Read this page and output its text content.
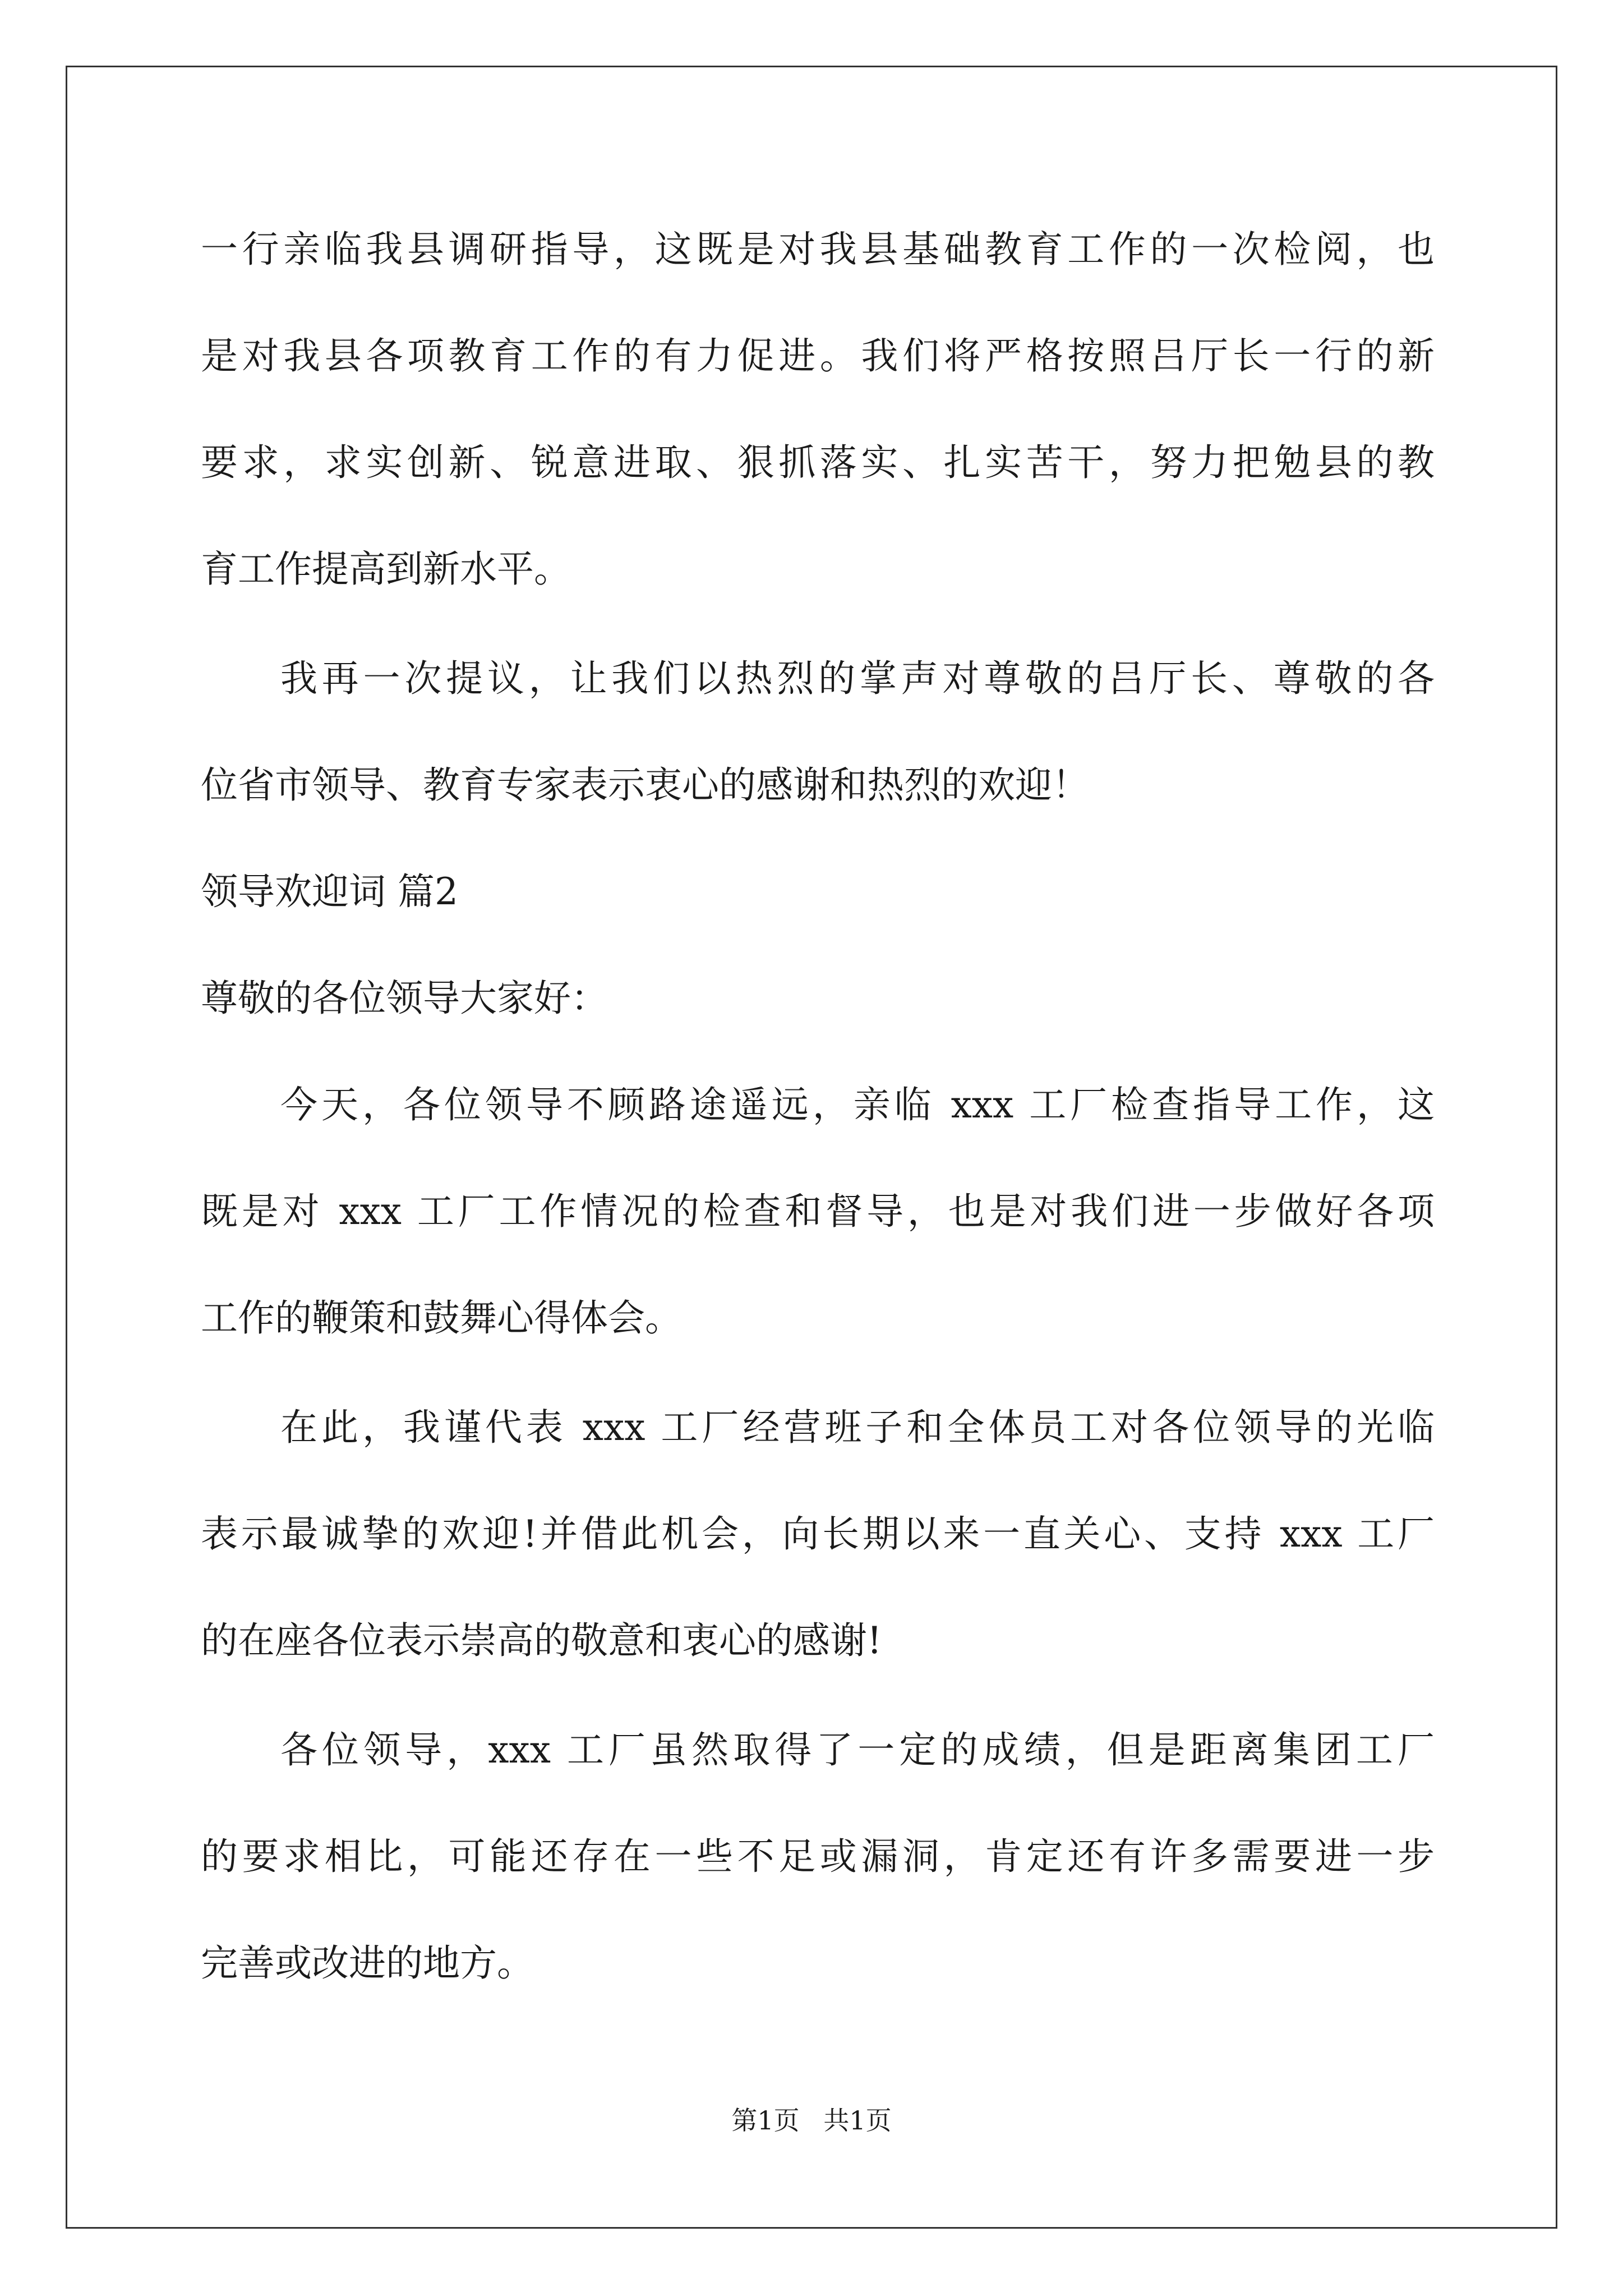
一行亲临我县调研指导，这既是对我县基础教育工作的一次检阅，也
是对我县各项教育工作的有力促进。我们将严格按照吕厅长一行的新
要求，求实创新、锐意进取、狠抓落实、扎实苦干，努力把勉县的教
育工作提高到新水平。
我再一次提议，让我们以热烈的掌声对尊敬的吕厅长、尊敬的各
位省市领导、教育专家表示衷心的感谢和热烈的欢迎！
领导欢迎词 篇2
尊敬的各位领导大家好：
今天，各位领导不顾路途遥远，亲临 xxx 工厂检查指导工作，这
既是对 xxx 工厂工作情况的检查和督导，也是对我们进一步做好各项
工作的鞭策和鼓舞心得体会。
在此，我谨代表 xxx 工厂经营班子和全体员工对各位领导的光临
表示最诚挚的欢迎!并借此机会，向长期以来一直关心、支持 xxx 工厂
的在座各位表示崇高的敬意和衷心的感谢!
各位领导，xxx 工厂虽然取得了一定的成绩，但是距离集团工厂
的要求相比，可能还存在一些不足或漏洞，肯定还有许多需要进一步
完善或改进的地方。
第1页 共1页
